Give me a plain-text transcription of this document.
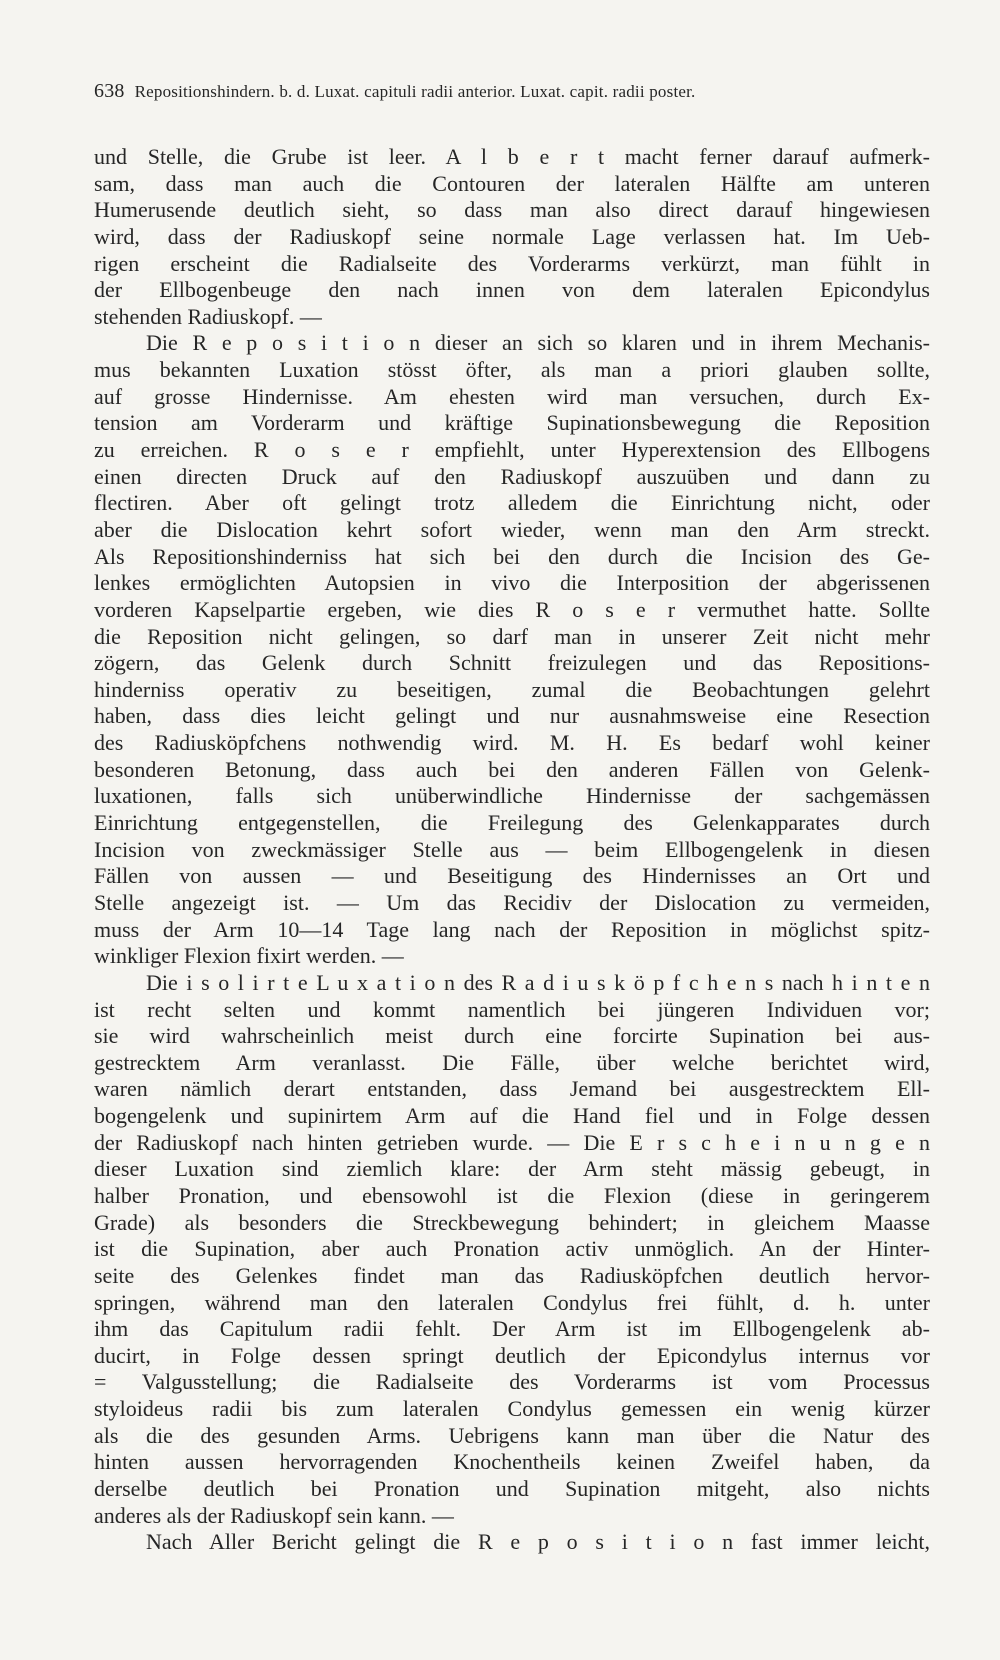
638 Repositionshindern. b. d. Luxat. capituli radii anterior. Luxat. capit. radii poster.
und Stelle, die Grube ist leer. A l b e r t macht ferner darauf aufmerk-
sam, dass man auch die Contouren der lateralen Hälfte am unteren
Humerusende deutlich sieht, so dass man also direct darauf hingewiesen
wird, dass der Radiuskopf seine normale Lage verlassen hat. Im Ueb-
rigen erscheint die Radialseite des Vorderarms verkürzt, man fühlt in
der Ellbogenbeuge den nach innen von dem lateralen Epicondylus
stehenden Radiuskopf. —
Die R e p o s i t i o n dieser an sich so klaren und in ihrem Mechanis-
mus bekannten Luxation stösst öfter, als man a priori glauben sollte,
auf grosse Hindernisse. Am ehesten wird man versuchen, durch Ex-
tension am Vorderarm und kräftige Supinationsbewegung die Reposition
zu erreichen. R o s e r empfiehlt, unter Hyperextension des Ellbogens
einen directen Druck auf den Radiuskopf auszuüben und dann zu
flectiren. Aber oft gelingt trotz alledem die Einrichtung nicht, oder
aber die Dislocation kehrt sofort wieder, wenn man den Arm streckt.
Als Repositionshinderniss hat sich bei den durch die Incision des Ge-
lenkes ermöglichten Autopsien in vivo die Interposition der abgerissenen
vorderen Kapselpartie ergeben, wie dies R o s e r vermuthet hatte. Sollte
die Reposition nicht gelingen, so darf man in unserer Zeit nicht mehr
zögern, das Gelenk durch Schnitt freizulegen und das Repositions-
hinderniss operativ zu beseitigen, zumal die Beobachtungen gelehrt
haben, dass dies leicht gelingt und nur ausnahmsweise eine Resection
des Radiusköpfchens nothwendig wird. M. H. Es bedarf wohl keiner
besonderen Betonung, dass auch bei den anderen Fällen von Gelenk-
luxationen, falls sich unüberwindliche Hindernisse der sachgemässen
Einrichtung entgegenstellen, die Freilegung des Gelenkapparates durch
Incision von zweckmässiger Stelle aus — beim Ellbogengelenk in diesen
Fällen von aussen — und Beseitigung des Hindernisses an Ort und
Stelle angezeigt ist. — Um das Recidiv der Dislocation zu vermeiden,
muss der Arm 10—14 Tage lang nach der Reposition in möglichst spitz-
winkliger Flexion fixirt werden. —
Die i s o l i r t e L u x a t i o n des R a d i u s k ö p f c h e n s nach h i n t e n
ist recht selten und kommt namentlich bei jüngeren Individuen vor;
sie wird wahrscheinlich meist durch eine forcirte Supination bei aus-
gestrecktem Arm veranlasst. Die Fälle, über welche berichtet wird,
waren nämlich derart entstanden, dass Jemand bei ausgestrecktem Ell-
bogengelenk und supinirtem Arm auf die Hand fiel und in Folge dessen
der Radiuskopf nach hinten getrieben wurde. — Die E r s c h e i n u n g e n
dieser Luxation sind ziemlich klare: der Arm steht mässig gebeugt, in
halber Pronation, und ebensowohl ist die Flexion (diese in geringerem
Grade) als besonders die Streckbewegung behindert; in gleichem Maasse
ist die Supination, aber auch Pronation activ unmöglich. An der Hinter-
seite des Gelenkes findet man das Radiusköpfchen deutlich hervor-
springen, während man den lateralen Condylus frei fühlt, d. h. unter
ihm das Capitulum radii fehlt. Der Arm ist im Ellbogengelenk ab-
ducirt, in Folge dessen springt deutlich der Epicondylus internus vor
= Valgusstellung; die Radialseite des Vorderarms ist vom Processus
styloideus radii bis zum lateralen Condylus gemessen ein wenig kürzer
als die des gesunden Arms. Uebrigens kann man über die Natur des
hinten aussen hervorragenden Knochentheils keinen Zweifel haben, da
derselbe deutlich bei Pronation und Supination mitgeht, also nichts
anderes als der Radiuskopf sein kann. —
Nach Aller Bericht gelingt die R e p o s i t i o n fast immer leicht,
